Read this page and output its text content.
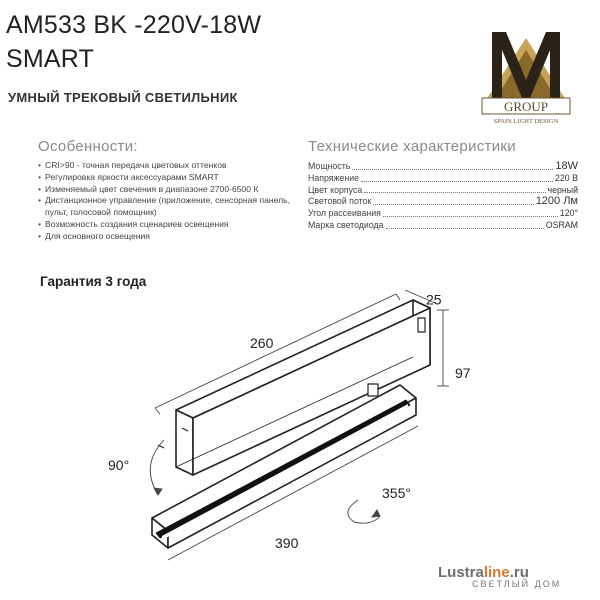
AM533 BK -220V-18W
SMART
УМНЫЙ ТРЕКОВЫЙ СВЕТИЛЬНИК
GROUP
SPAIN LIGHT DESIGN
Особенности:
• CRI>90 - точная передача цветовых оттенков
• Регулировка яркости аксессуарами SMART
• Изменяемый цвет свечения в диапазоне 2700-6500 К
• Дистанционное управление (приложение, сенсорная панель, пульт, голосовой помощник)
• Возможность создания сценариев освещения
• Для основного освещения
Технические характеристики
Мощность	18W
Напряжение	220 В
Цвет корпуса	черный
Световой поток	1200 Лм
Угол рассеивания	120°
Марка светодиода	OSRAM
Гарантия 3 года
260
25
97
90°
355°
390
Lustraline.ru
СВЕТЛЫЙ ДОМ
